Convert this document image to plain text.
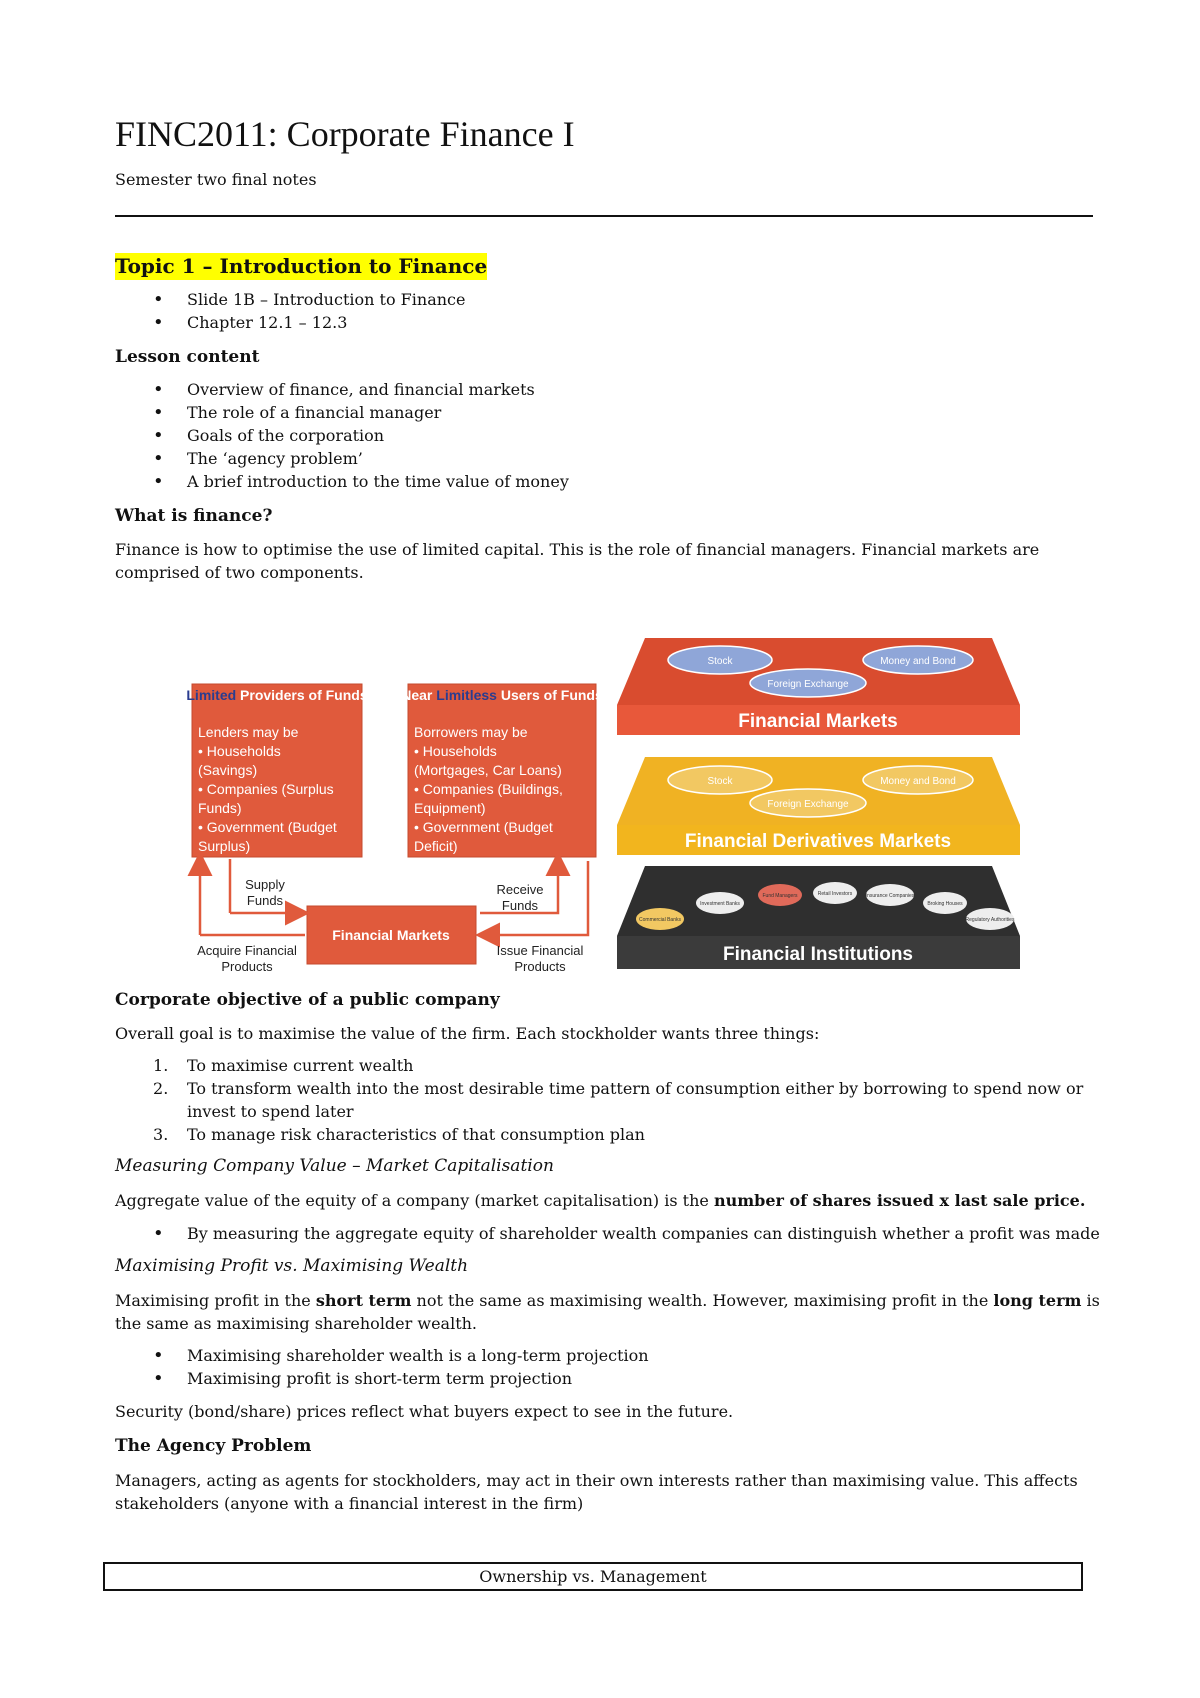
FINC2011: Corporate Finance I

Semester two final notes

Topic 1 – Introduction to Finance
• Slide 1B – Introduction to Finance
• Chapter 12.1 – 12.3
Lesson content
• Overview of finance, and financial markets
• The role of a financial manager
• Goals of the corporation
• The ‘agency problem’
• A brief introduction to the time value of money
What is finance?

Finance is how to optimise the use of limited capital. This is the role of financial managers. Financial markets are comprised of two components.

Limited Providers of Funds
Lenders may be
• Households
(Savings)
• Companies (Surplus
Funds)
• Government (Budget
Surplus)
Near Limitless Users of Funds
Borrowers may be
• Households
(Mortgages, Car Loans)
• Companies (Buildings,
Equipment)
• Government (Budget
Deficit)
Financial Markets
Supply
Funds
Receive
Funds
Acquire Financial
Products
Issue Financial
Products
Stock	Money and Bond
Foreign Exchange
Financial Markets
Stock	Money and Bond
Foreign Exchange
Financial Derivatives Markets
Commercial Banks
Investment Banks
Fund Managers	Retail Investors	Insurance Companies
Broking Houses
Regulatory Authorities
Financial Institutions
Corporate objective of a public company

Overall goal is to maximise the value of the firm. Each stockholder wants three things:

To maximise current wealth
To transform wealth into the most desirable time pattern of consumption either by borrowing to spend now or invest to spend later
To manage risk characteristics of that consumption plan
Measuring Company Value – Market Capitalisation

Aggregate value of the equity of a company (market capitalisation) is the number of shares issued x last sale price.

• By measuring the aggregate equity of shareholder wealth companies can distinguish whether a profit was made
Maximising Profit vs. Maximising Wealth

Maximising profit in the short term not the same as maximising wealth. However, maximising profit in the long term is the same as maximising shareholder wealth.

• Maximising shareholder wealth is a long-term projection
• Maximising profit is short-term term projection

Security (bond/share) prices reflect what buyers expect to see in the future.

The Agency Problem

Managers, acting as agents for stockholders, may act in their own interests rather than maximising value. This affects stakeholders (anyone with a financial interest in the firm)

Ownership vs. Management
